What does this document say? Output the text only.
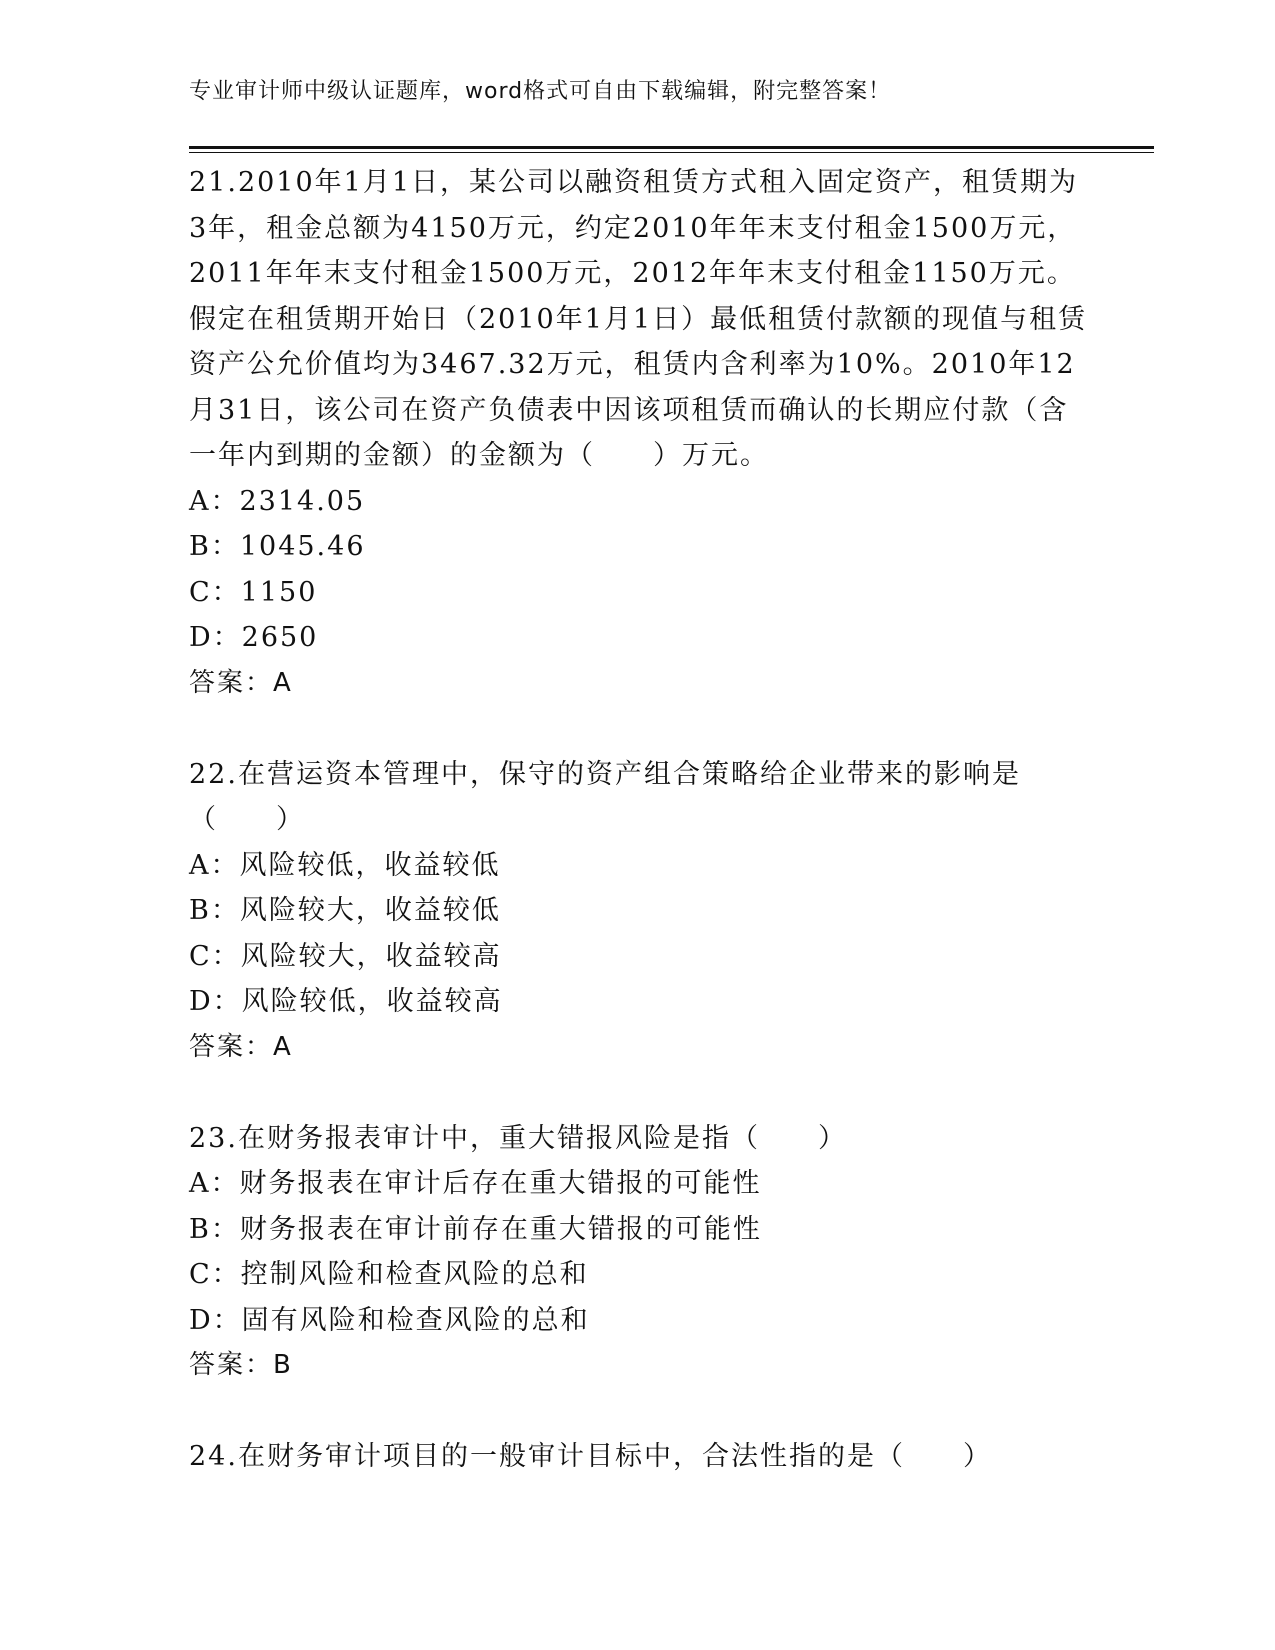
专业审计师中级认证题库，word格式可自由下载编辑，附完整答案！

21.2010年1月1日，某公司以融资租赁方式租入固定资产，租赁期为3年，租金总额为4150万元，约定2010年年末支付租金1500万元，2011年年末支付租金1500万元，2012年年末支付租金1150万元。假定在租赁期开始日（2010年1月1日）最低租赁付款额的现值与租赁资产公允价值均为3467.32万元，租赁内含利率为10%。2010年12月31日，该公司在资产负债表中因该项租赁而确认的长期应付款（含一年内到期的金额）的金额为（　　）万元。

A：2314.05

B：1045.46

C：1150

D：2650

答案：A

22.在营运资本管理中，保守的资产组合策略给企业带来的影响是（　　）

A：风险较低，收益较低

B：风险较大，收益较低

C：风险较大，收益较高

D：风险较低，收益较高

答案：A

23.在财务报表审计中，重大错报风险是指（　　）

A：财务报表在审计后存在重大错报的可能性

B：财务报表在审计前存在重大错报的可能性

C：控制风险和检查风险的总和

D：固有风险和检查风险的总和

答案：B

24.在财务审计项目的一般审计目标中，合法性指的是（　　）
